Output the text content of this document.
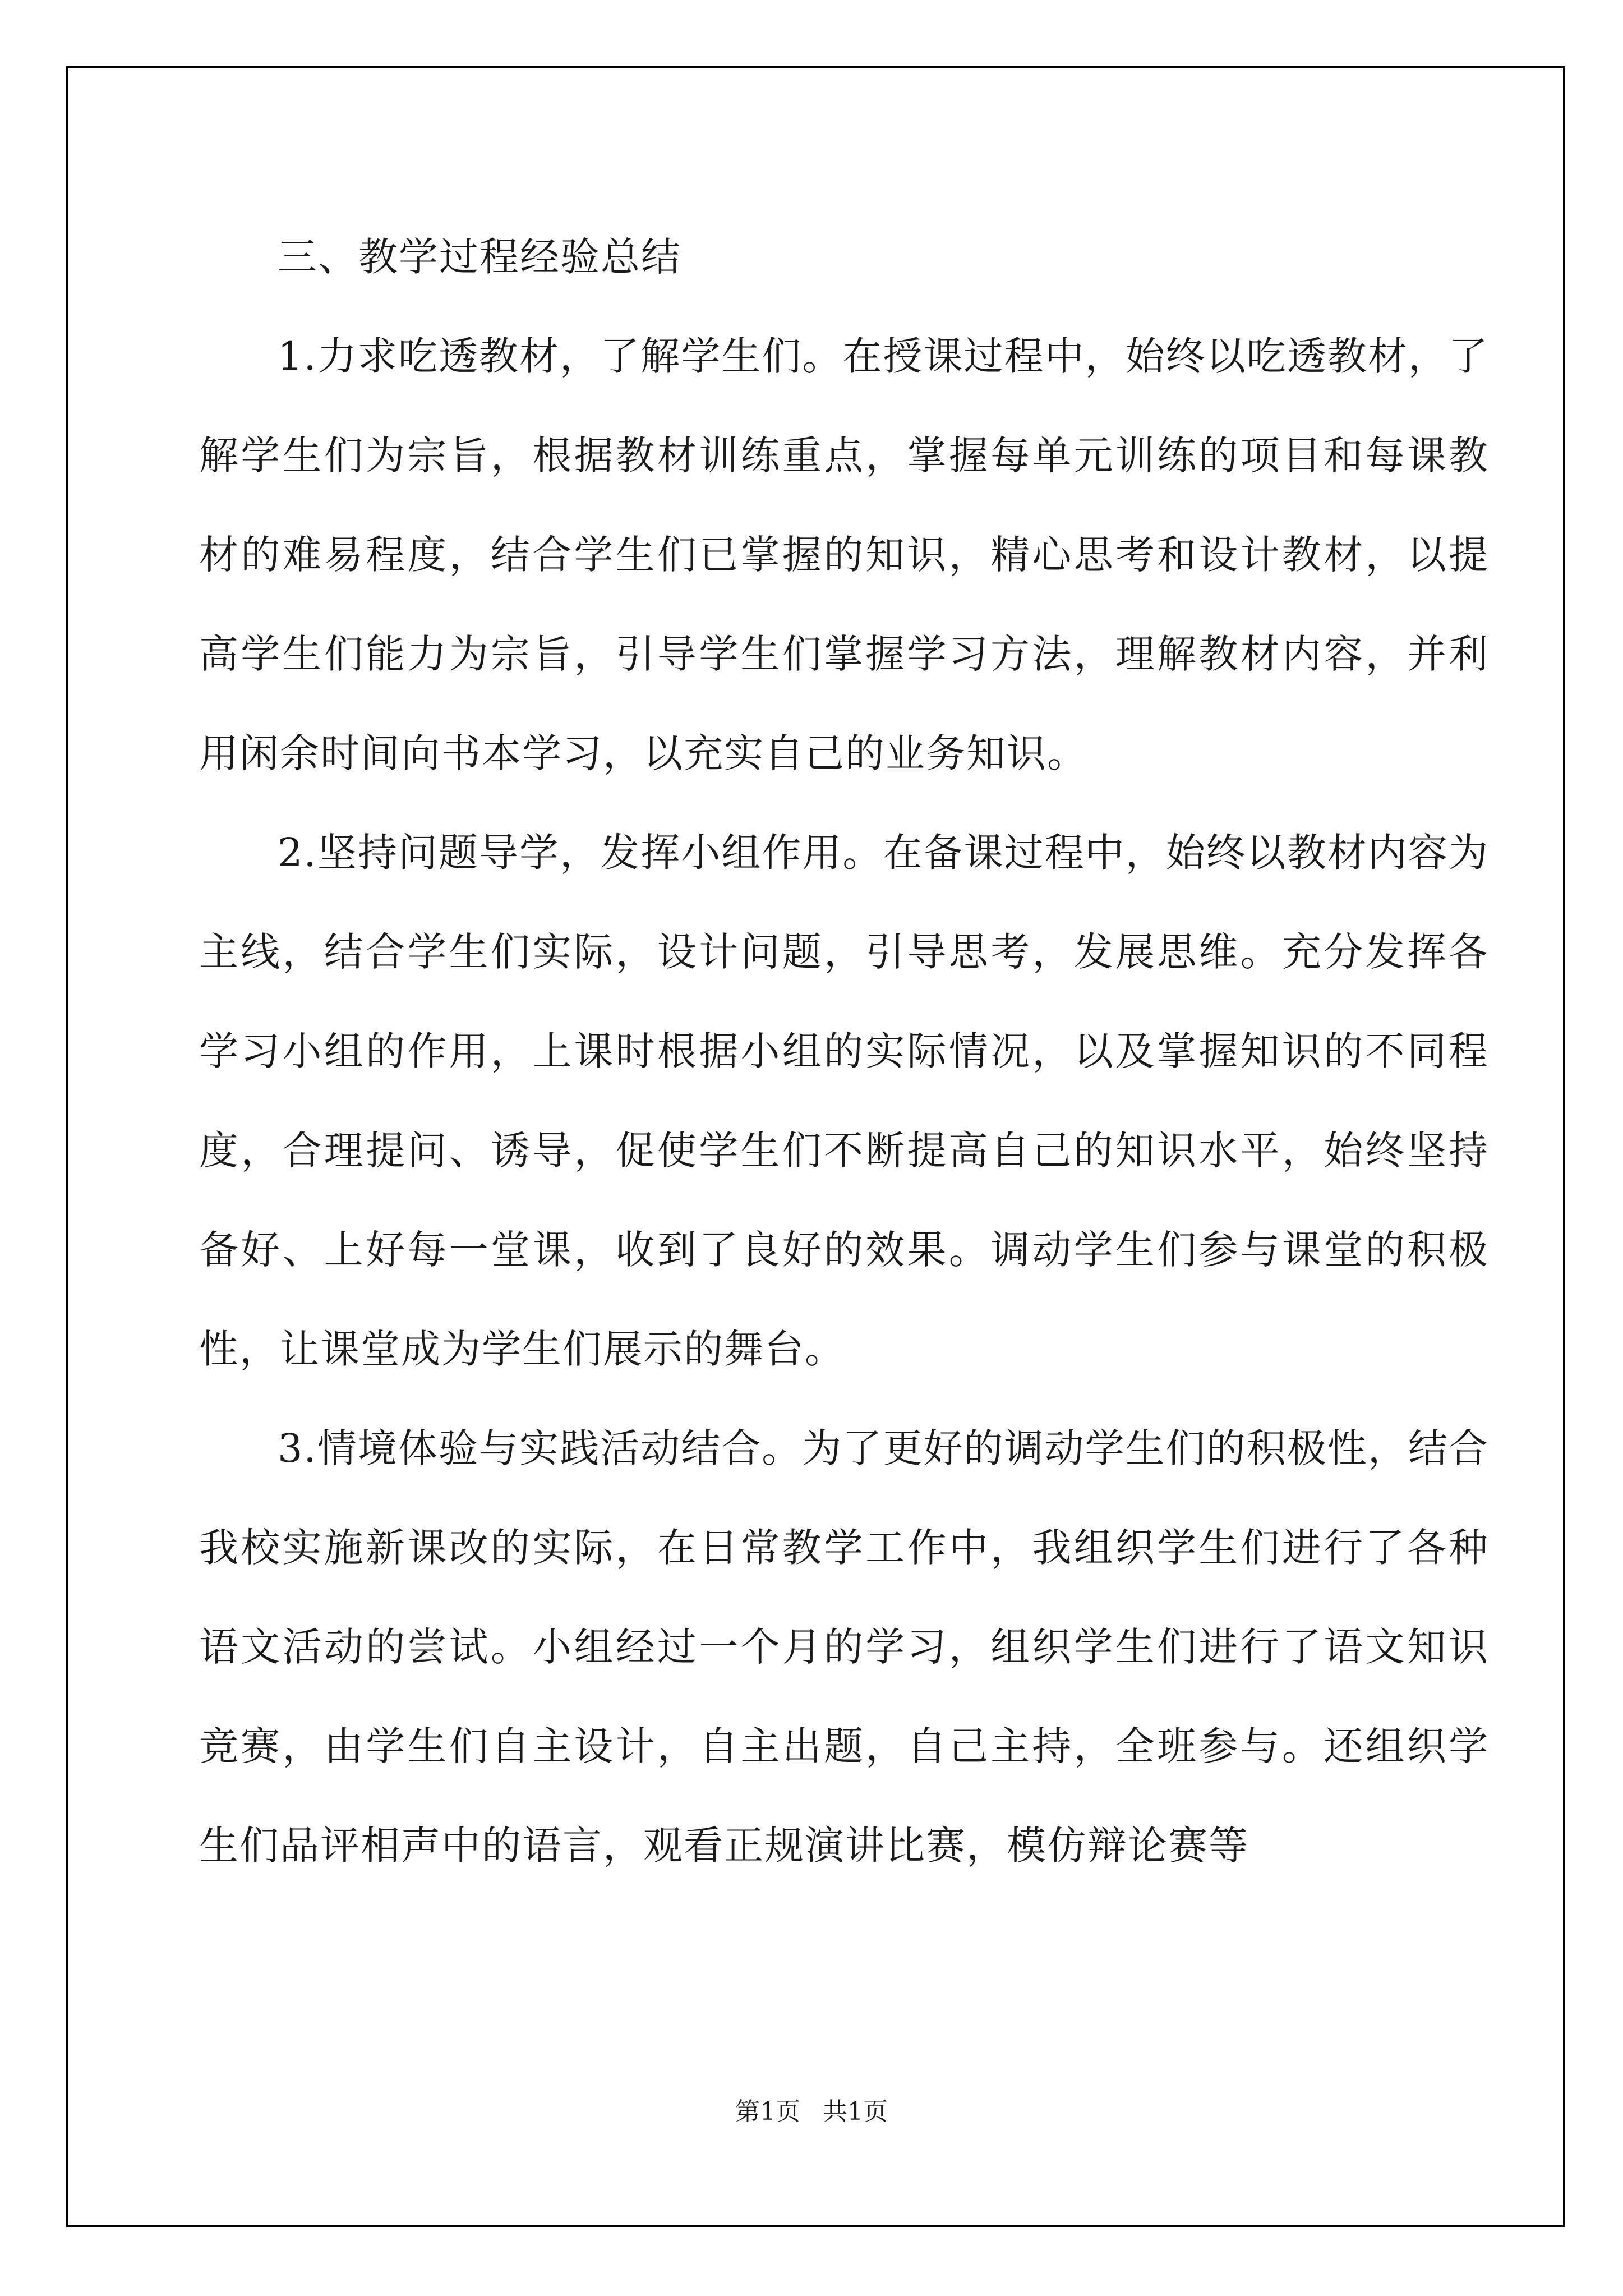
三、教学过程经验总结

1.力求吃透教材，了解学生们。在授课过程中，始终以吃透教材，了解学生们为宗旨，根据教材训练重点，掌握每单元训练的项目和每课教材的难易程度，结合学生们已掌握的知识，精心思考和设计教材，以提高学生们能力为宗旨，引导学生们掌握学习方法，理解教材内容，并利用闲余时间向书本学习，以充实自己的业务知识。

2.坚持问题导学，发挥小组作用。在备课过程中，始终以教材内容为主线，结合学生们实际，设计问题，引导思考，发展思维。充分发挥各学习小组的作用，上课时根据小组的实际情况，以及掌握知识的不同程度，合理提问、诱导，促使学生们不断提高自己的知识水平，始终坚持备好、上好每一堂课，收到了良好的效果。调动学生们参与课堂的积极性，让课堂成为学生们展示的舞台。

3.情境体验与实践活动结合。为了更好的调动学生们的积极性，结合我校实施新课改的实际，在日常教学工作中，我组织学生们进行了各种语文活动的尝试。小组经过一个月的学习，组织学生们进行了语文知识竞赛，由学生们自主设计，自主出题，自己主持，全班参与。还组织学生们品评相声中的语言，观看正规演讲比赛，模仿辩论赛等

第1页 共1页
